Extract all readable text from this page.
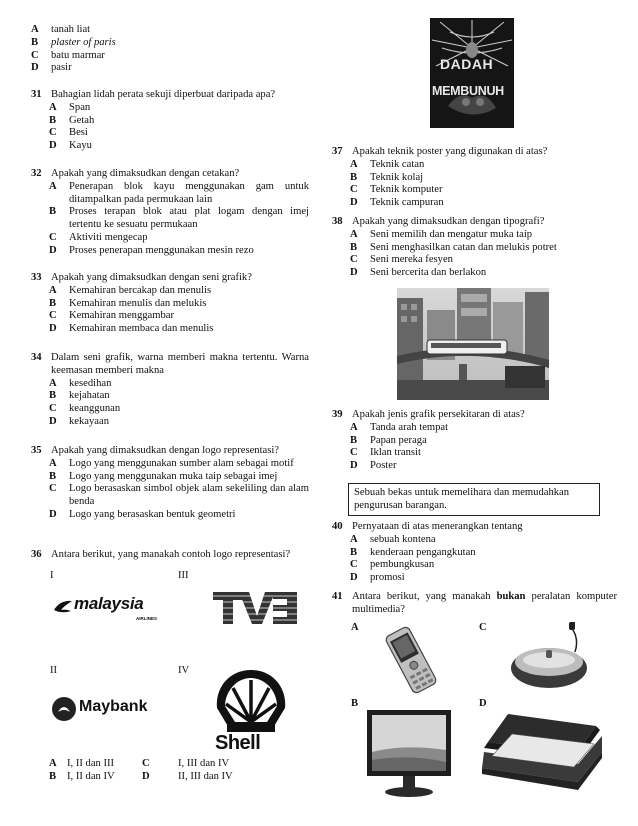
A	tanah liat
B	plaster of paris
C	batu marmar
D	pasir
31 Bahagian lidah perata sekuji diperbuat daripada apa?
A	Span
B	Getah
C	Besi
D	Kayu
32 Apakah yang dimaksudkan dengan cetakan?
A	Penerapan blok kayu menggunakan gam untuk ditampalkan pada permukaan lain
B	Proses terapan blok atau plat logam dengan imej tertentu ke sesuatu permukaan
C	Aktiviti mengecap
D	Proses penerapan menggunakan mesin rezo
33 Apakah yang dimaksudkan dengan seni grafik?
A	Kemahiran bercakap dan menulis
B	Kemahiran menulis dan melukis
C	Kemahiran menggambar
D	Kemahiran membaca dan menulis
34 Dalam seni grafik, warna memberi makna tertentu. Warna keemasan memberi makna
A	kesedihan
B	kejahatan
C	keanggunan
D	kekayaan
35 Apakah yang dimaksudkan dengan logo representasi?
A	Logo yang menggunakan sumber alam sebagai motif
B	Logo yang menggunakan muka taip sebagai imej
C	Logo berasaskan simbol objek alam sekeliling dan alam benda
D	Logo yang berasaskan bentuk geometri
36 Antara berikut, yang manakah contoh logo representasi?
I	III
II	IV
malaysia
AIRLINES
Maybank
Shell
A I, II dan III
B	I, II dan IV
C	I, III dan IV
D	II, III dan IV
DADAH
MEMBUNUH
37 Apakah teknik poster yang digunakan di atas?
A	Teknik catan
B	Teknik kolaj
C	Teknik komputer
D	Teknik campuran
38 Apakah yang dimaksudkan dengan tipografi?
A	Seni memilih dan mengatur muka taip
B	Seni menghasilkan catan dan melukis potret
C	Seni mereka fesyen
D	Seni bercerita dan berlakon
39 Apakah jenis grafik persekitaran di atas?
A	Tanda arah tempat
B	Papan peraga
C	Iklan transit
D	Poster
Sebuah bekas untuk memelihara dan memudahkan pengurusan barangan.
40 Pernyataan di atas menerangkan tentang
A	sebuah kontena
B	kenderaan pengangkutan
C	pembungkusan
D	promosi
41 Antara berikut, yang manakah bukan peralatan komputer multimedia?
A	C
B	D
